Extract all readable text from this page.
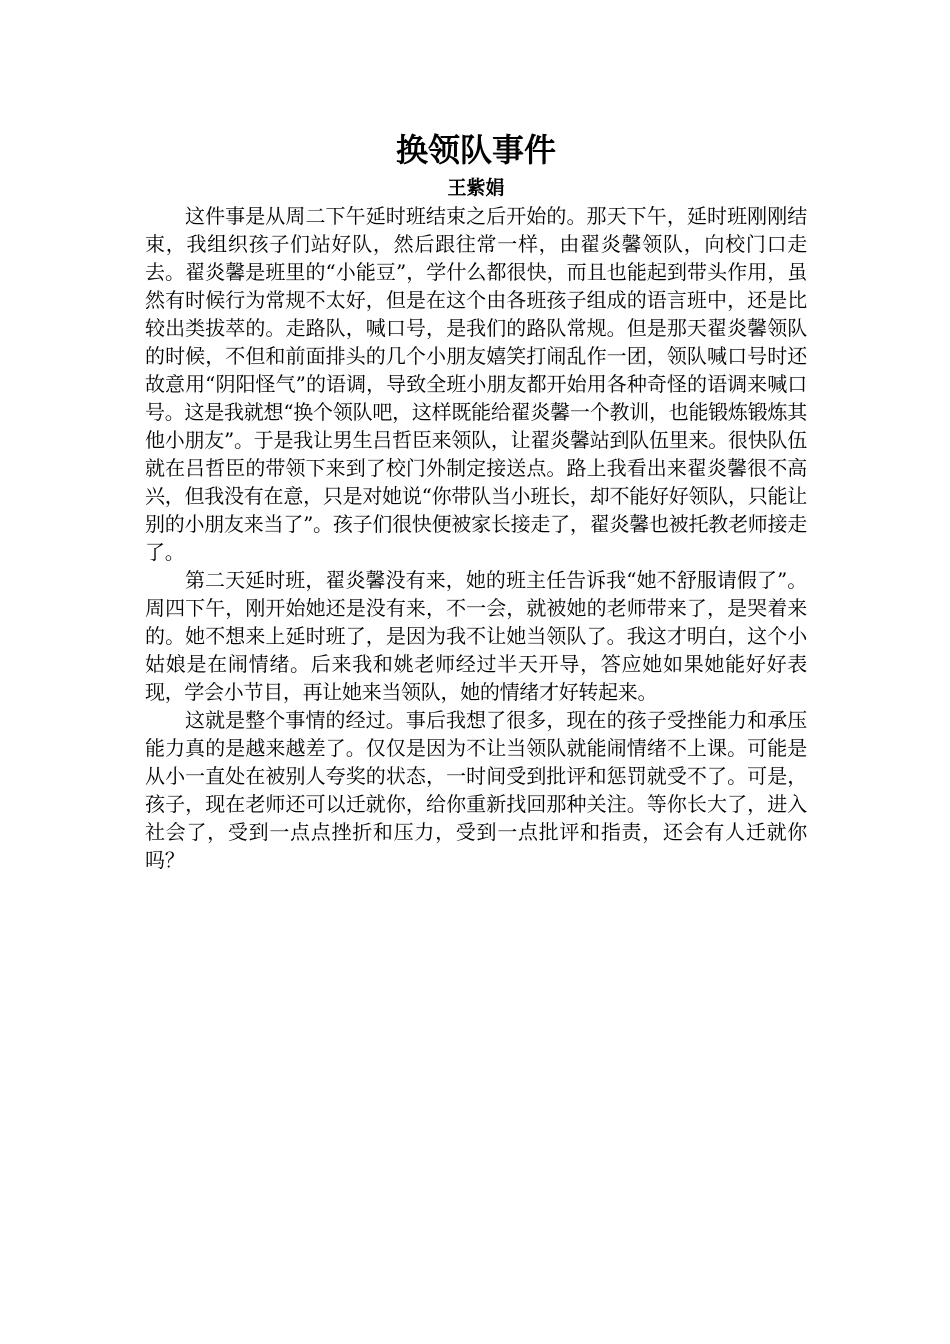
换领队事件
王紫娟

这件事是从周二下午延时班结束之后开始的。那天下午，延时班刚刚结束，我组织孩子们站好队，然后跟往常一样，由翟炎馨领队，向校门口走去。翟炎馨是班里的“小能豆”，学什么都很快，而且也能起到带头作用，虽然有时候行为常规不太好，但是在这个由各班孩子组成的语言班中，还是比较出类拔萃的。走路队，喊口号，是我们的路队常规。但是那天翟炎馨领队的时候，不但和前面排头的几个小朋友嬉笑打闹乱作一团，领队喊口号时还故意用“阴阳怪气”的语调，导致全班小朋友都开始用各种奇怪的语调来喊口号。这是我就想“换个领队吧，这样既能给翟炎馨一个教训，也能锻炼锻炼其他小朋友”。于是我让男生吕哲臣来领队，让翟炎馨站到队伍里来。很快队伍就在吕哲臣的带领下来到了校门外制定接送点。路上我看出来翟炎馨很不高兴，但我没有在意，只是对她说“你带队当小班长，却不能好好领队，只能让别的小朋友来当了”。孩子们很快便被家长接走了，翟炎馨也被托教老师接走了。

第二天延时班，翟炎馨没有来，她的班主任告诉我“她不舒服请假了”。周四下午，刚开始她还是没有来，不一会，就被她的老师带来了，是哭着来的。她不想来上延时班了，是因为我不让她当领队了。我这才明白，这个小姑娘是在闹情绪。后来我和姚老师经过半天开导，答应她如果她能好好表现，学会小节目，再让她来当领队，她的情绪才好转起来。

这就是整个事情的经过。事后我想了很多，现在的孩子受挫能力和承压能力真的是越来越差了。仅仅是因为不让当领队就能闹情绪不上课。可能是从小一直处在被别人夸奖的状态，一时间受到批评和惩罚就受不了。可是，孩子，现在老师还可以迁就你，给你重新找回那种关注。等你长大了，进入社会了，受到一点点挫折和压力，受到一点批评和指责，还会有人迁就你吗？
